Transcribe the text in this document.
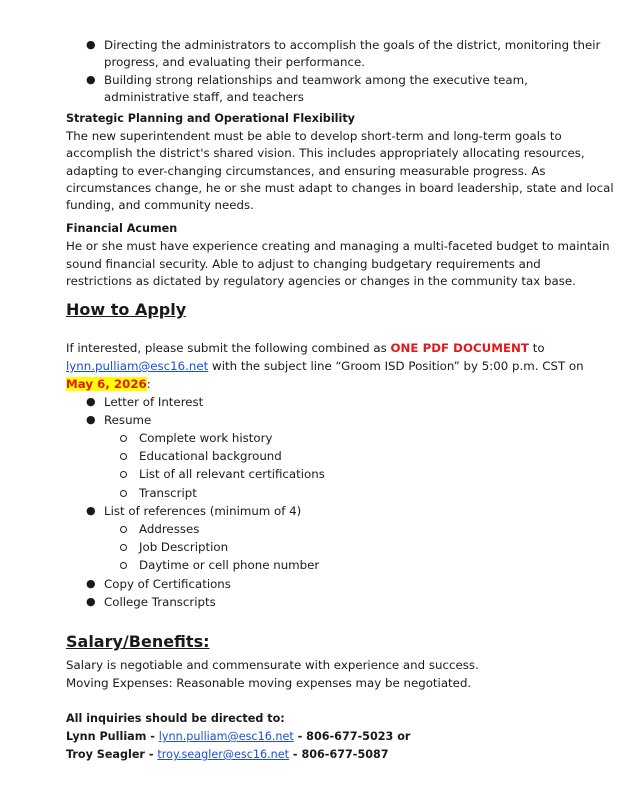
● Directing the administrators to accomplish the goals of the district, monitoring their
progress, and evaluating their performance.
● Building strong relationships and teamwork among the executive team,
administrative staff, and teachers
Strategic Planning and Operational Flexibility
The new superintendent must be able to develop short-term and long-term goals to
accomplish the district's shared vision. This includes appropriately allocating resources,
adapting to ever-changing circumstances, and ensuring measurable progress. As
circumstances change, he or she must adapt to changes in board leadership, state and local
funding, and community needs.
Financial Acumen
He or she must have experience creating and managing a multi-faceted budget to maintain
sound financial security. Able to adjust to changing budgetary requirements and
restrictions as dictated by regulatory agencies or changes in the community tax base.
How to Apply
If interested, please submit the following combined as ONE PDF DOCUMENT to
lynn.pulliam@esc16.net with the subject line “Groom ISD Position” by 5:00 p.m. CST on
May 6, 2026:
● Letter of Interest
● Resume
Complete work history
Educational background
List of all relevant certifications
Transcript
● List of references (minimum of 4)
Addresses
Job Description
Daytime or cell phone number
● Copy of Certifications
● College Transcripts
Salary/Benefits:
Salary is negotiable and commensurate with experience and success.
Moving Expenses: Reasonable moving expenses may be negotiated.
All inquiries should be directed to:
Lynn Pulliam - lynn.pulliam@esc16.net - 806-677-5023 or
Troy Seagler - troy.seagler@esc16.net - 806-677-5087
